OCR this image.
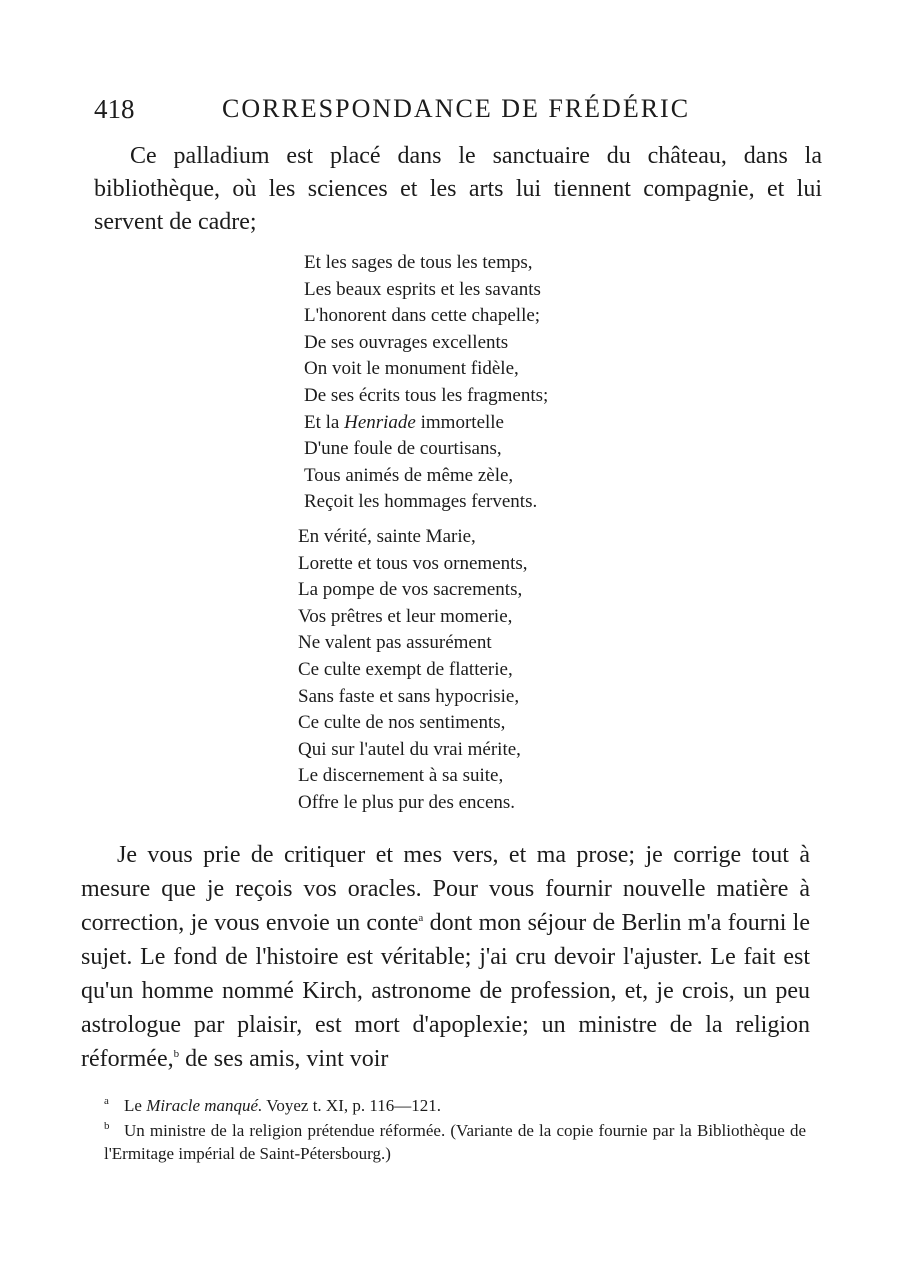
418	CORRESPONDANCE DE FRÉDÉRIC

Ce palladium est placé dans le sanctuaire du château, dans la bibliothèque, où les sciences et les arts lui tiennent compagnie, et lui servent de cadre;

Et les sages de tous les temps,
Les beaux esprits et les savants
L'honorent dans cette chapelle;
De ses ouvrages excellents
On voit le monument fidèle,
De ses écrits tous les fragments;
Et la Henriade immortelle
D'une foule de courtisans,
Tous animés de même zèle,
Reçoit les hommages fervents.
En vérité, sainte Marie,
Lorette et tous vos ornements,
La pompe de vos sacrements,
Vos prêtres et leur momerie,
Ne valent pas assurément
Ce culte exempt de flatterie,
Sans faste et sans hypocrisie,
Ce culte de nos sentiments,
Qui sur l'autel du vrai mérite,
Le discernement à sa suite,
Offre le plus pur des encens.

Je vous prie de critiquer et mes vers, et ma prose; je corrige tout à mesure que je reçois vos oracles. Pour vous fournir nouvelle matière à correction, je vous envoie un conte$^a$ dont mon séjour de Berlin m'a fourni le sujet. Le fond de l'histoire est véritable; j'ai cru devoir l'ajuster. Le fait est qu'un homme nommé Kirch, astronome de profession, et, je crois, un peu astrologue par plaisir, est mort d'apoplexie; un ministre de la religion réformée,$^b$ de ses amis, vint voir

$^a$ Le Miracle manqué. Voyez t. XI, p. 116—121.

$^b$ Un ministre de la religion prétendue réformée. (Variante de la copie fournie par la Bibliothèque de l'Ermitage impérial de Saint-Pétersbourg.)
